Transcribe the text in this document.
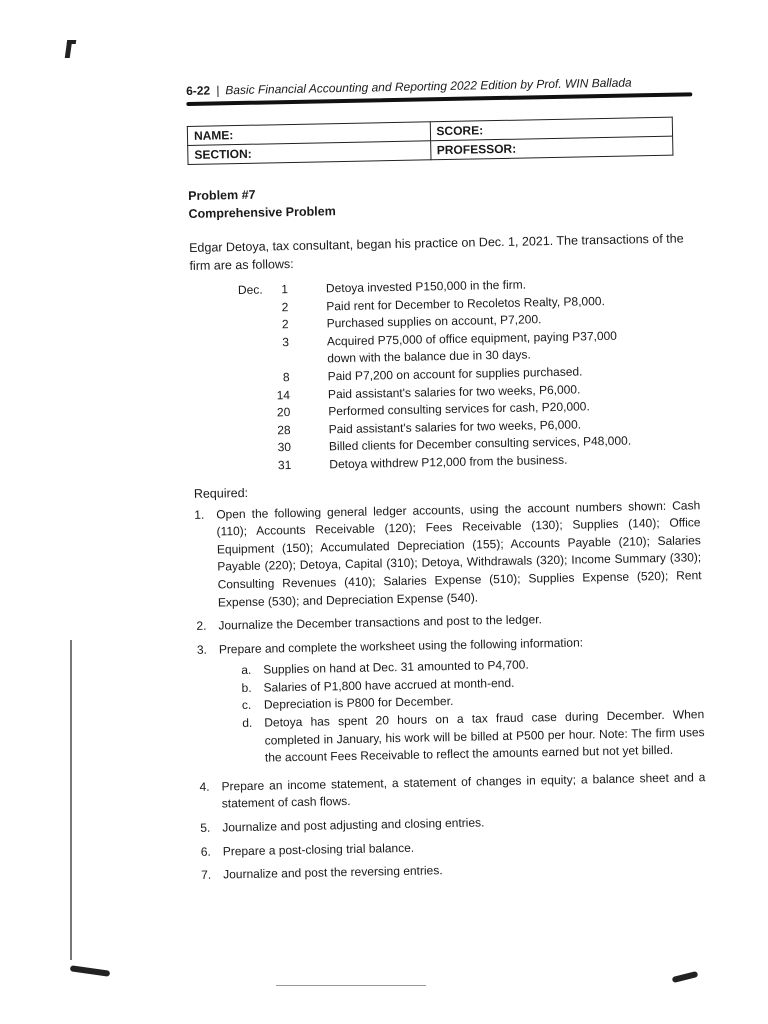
6-22 | Basic Financial Accounting and Reporting 2022 Edition by Prof. WIN Ballada
NAME:	SCORE:
SECTION:	PROFESSOR:
Problem #7
Comprehensive Problem
Edgar Detoya, tax consultant, began his practice on Dec. 1, 2021. The transactions of the firm are as follows:
Dec.	1	Detoya invested P150,000 in the firm.
2	Paid rent for December to Recoletos Realty, P8,000.
2	Purchased supplies on account, P7,200.
3	Acquired P75,000 of office equipment, paying P37,000 down with the balance due in 30 days.
8	Paid P7,200 on account for supplies purchased.
14	Paid assistant's salaries for two weeks, P6,000.
20	Performed consulting services for cash, P20,000.
28	Paid assistant's salaries for two weeks, P6,000.
30	Billed clients for December consulting services, P48,000.
31	Detoya withdrew P12,000 from the business.
Required:
1. Open the following general ledger accounts, using the account numbers shown: Cash (110); Accounts Receivable (120); Fees Receivable (130); Supplies (140); Office Equipment (150); Accumulated Depreciation (155); Accounts Payable (210); Salaries Payable (220); Detoya, Capital (310); Detoya, Withdrawals (320); Income Summary (330); Consulting Revenues (410); Salaries Expense (510); Supplies Expense (520); Rent Expense (530); and Depreciation Expense (540).
2. Journalize the December transactions and post to the ledger.
3. Prepare and complete the worksheet using the following information:
a. Supplies on hand at Dec. 31 amounted to P4,700.
b. Salaries of P1,800 have accrued at month-end.
c.	Depreciation is P800 for December.
d. Detoya has spent 20 hours on a tax fraud case during December. When completed in January, his work will be billed at P500 per hour. Note: The firm uses the account Fees Receivable to reflect the amounts earned but not yet billed.
4. Prepare an income statement, a statement of changes in equity; a balance sheet and a statement of cash flows.
5. Journalize and post adjusting and closing entries.
6. Prepare a post-closing trial balance.
7. Journalize and post the reversing entries.
